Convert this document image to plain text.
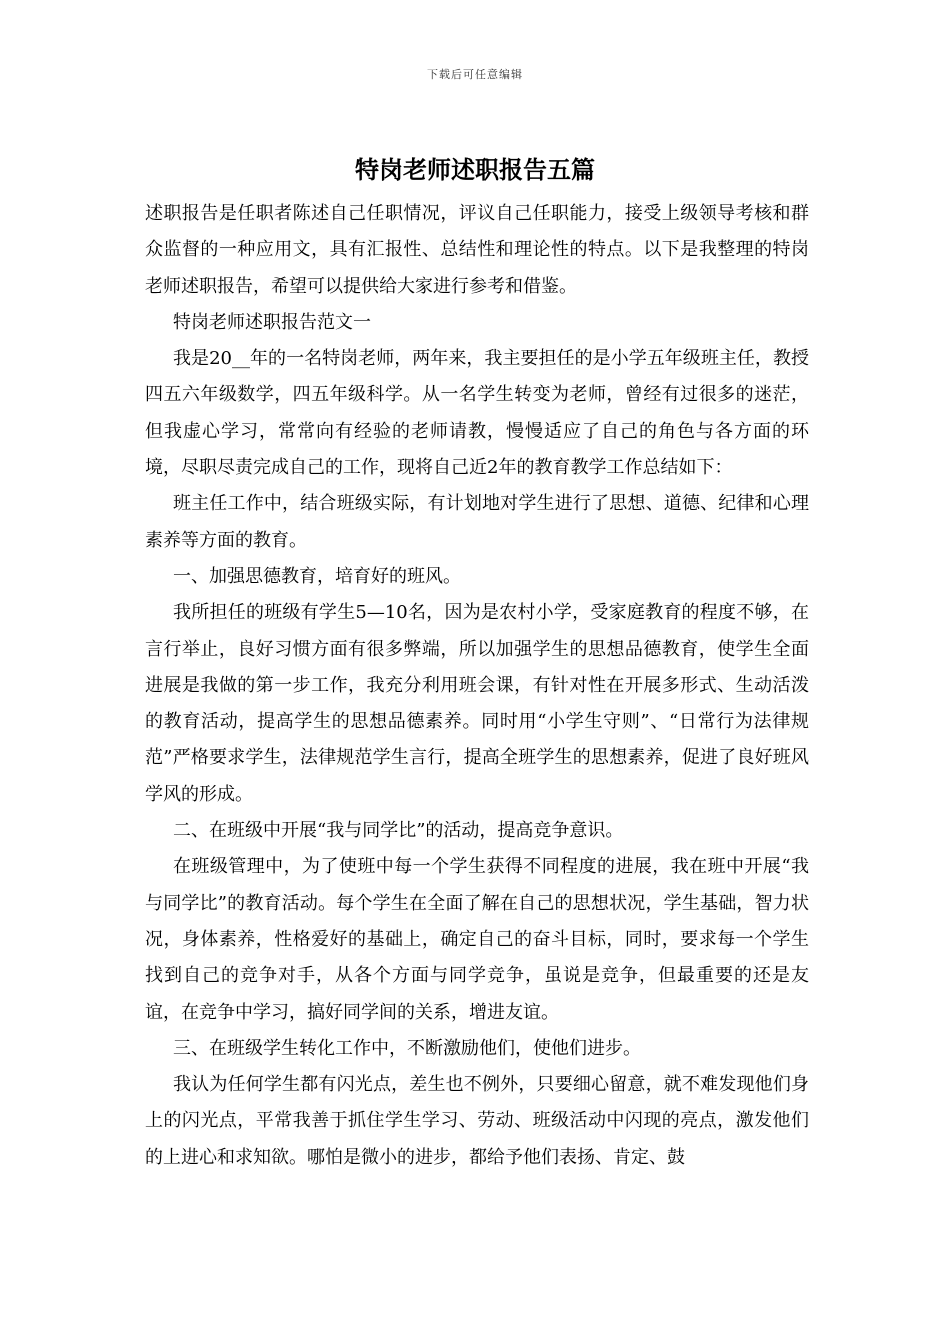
下载后可任意编辑
特岗老师述职报告五篇

述职报告是任职者陈述自己任职情况，评议自己任职能力，接受上级领导考核和群众监督的一种应用文，具有汇报性、总结性和理论性的特点。以下是我整理的特岗老师述职报告，希望可以提供给大家进行参考和借鉴。

特岗老师述职报告范文一

我是20__年的一名特岗老师，两年来，我主要担任的是小学五年级班主任，教授四五六年级数学，四五年级科学。从一名学生转变为老师，曾经有过很多的迷茫，但我虚心学习，常常向有经验的老师请教，慢慢适应了自己的角色与各方面的环境，尽职尽责完成自己的工作，现将自己近2年的教育教学工作总结如下：

班主任工作中，结合班级实际，有计划地对学生进行了思想、道德、纪律和心理素养等方面的教育。

一、加强思德教育，培育好的班风。

我所担任的班级有学生5—10名，因为是农村小学，受家庭教育的程度不够，在言行举止，良好习惯方面有很多弊端，所以加强学生的思想品德教育，使学生全面进展是我做的第一步工作，我充分利用班会课，有针对性在开展多形式、生动活泼的教育活动，提高学生的思想品德素养。同时用“小学生守则”、“日常行为法律规范”严格要求学生，法律规范学生言行，提高全班学生的思想素养，促进了良好班风学风的形成。

二、在班级中开展“我与同学比”的活动，提高竞争意识。

在班级管理中，为了使班中每一个学生获得不同程度的进展，我在班中开展“我与同学比”的教育活动。每个学生在全面了解在自己的思想状况，学生基础，智力状况，身体素养，性格爱好的基础上，确定自己的奋斗目标，同时，要求每一个学生找到自己的竞争对手，从各个方面与同学竞争，虽说是竞争，但最重要的还是友谊，在竞争中学习，搞好同学间的关系，增进友谊。

三、在班级学生转化工作中，不断激励他们，使他们进步。

我认为任何学生都有闪光点，差生也不例外，只要细心留意，就不难发现他们身上的闪光点，平常我善于抓住学生学习、劳动、班级活动中闪现的亮点，激发他们的上进心和求知欲。哪怕是微小的进步，都给予他们表扬、肯定、鼓
